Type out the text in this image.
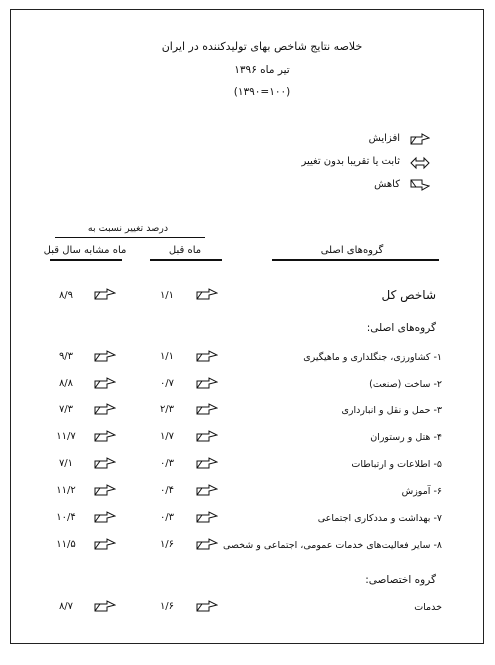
خلاصه نتایج شاخص بهای تولیدکننده در ایران
تیر ماه ۱۳۹۶
(۱۰۰=۱۳۹۰)
افزایش
ثابت یا تقریبا بدون تغییر
کاهش
درصد تغییر نسبت به
گروه‌های اصلی
ماه قبل
ماه مشابه سال قبل
شاخص کل
۱/۱
۸/۹
گروه‌های اصلی:
۱- کشاورزی، جنگلداری و ماهیگیری
۱/۱
۹/۳
۲- ساخت (صنعت)
۰/۷
۸/۸
۳- حمل و نقل و انبارداری
۲/۳
۷/۳
۴- هتل و رستوران
۱/۷
۱۱/۷
۵- اطلاعات و ارتباطات
۰/۳
۷/۱
۶- آموزش
۰/۴
۱۱/۲
۷- بهداشت و مددکاری اجتماعی
۰/۳
۱۰/۴
۸- سایر فعالیت‌های خدمات عمومی، اجتماعی و شخصی
۱/۶
۱۱/۵
گروه اختصاصی:
خدمات
۱/۶
۸/۷
